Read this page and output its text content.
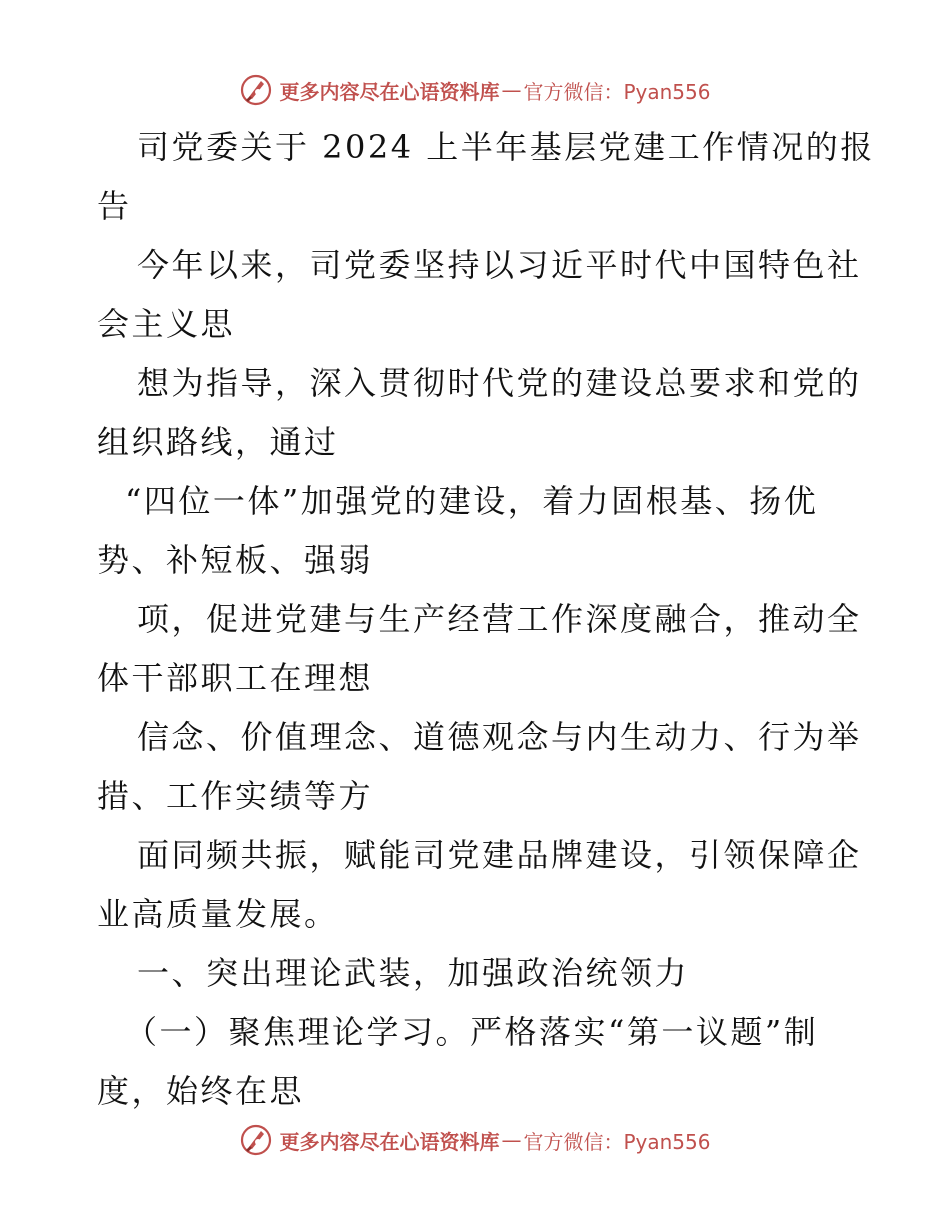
更多内容尽在心语资料库 — 官方微信：Pyan556
司党委关于 2024 上半年基层党建工作情况的报
告
今年以来，司党委坚持以习近平时代中国特色社
会主义思
想为指导，深入贯彻时代党的建设总要求和党的
组织路线，通过
“四位一体”加强党的建设，着力固根基、扬优
势、补短板、强弱
项，促进党建与生产经营工作深度融合，推动全
体干部职工在理想
信念、价值理念、道德观念与内生动力、行为举
措、工作实绩等方
面同频共振，赋能司党建品牌建设，引领保障企
业高质量发展。
一、突出理论武装，加强政治统领力
（一）聚焦理论学习。严格落实“第一议题”制
度，始终在思
更多内容尽在心语资料库 — 官方微信：Pyan556
